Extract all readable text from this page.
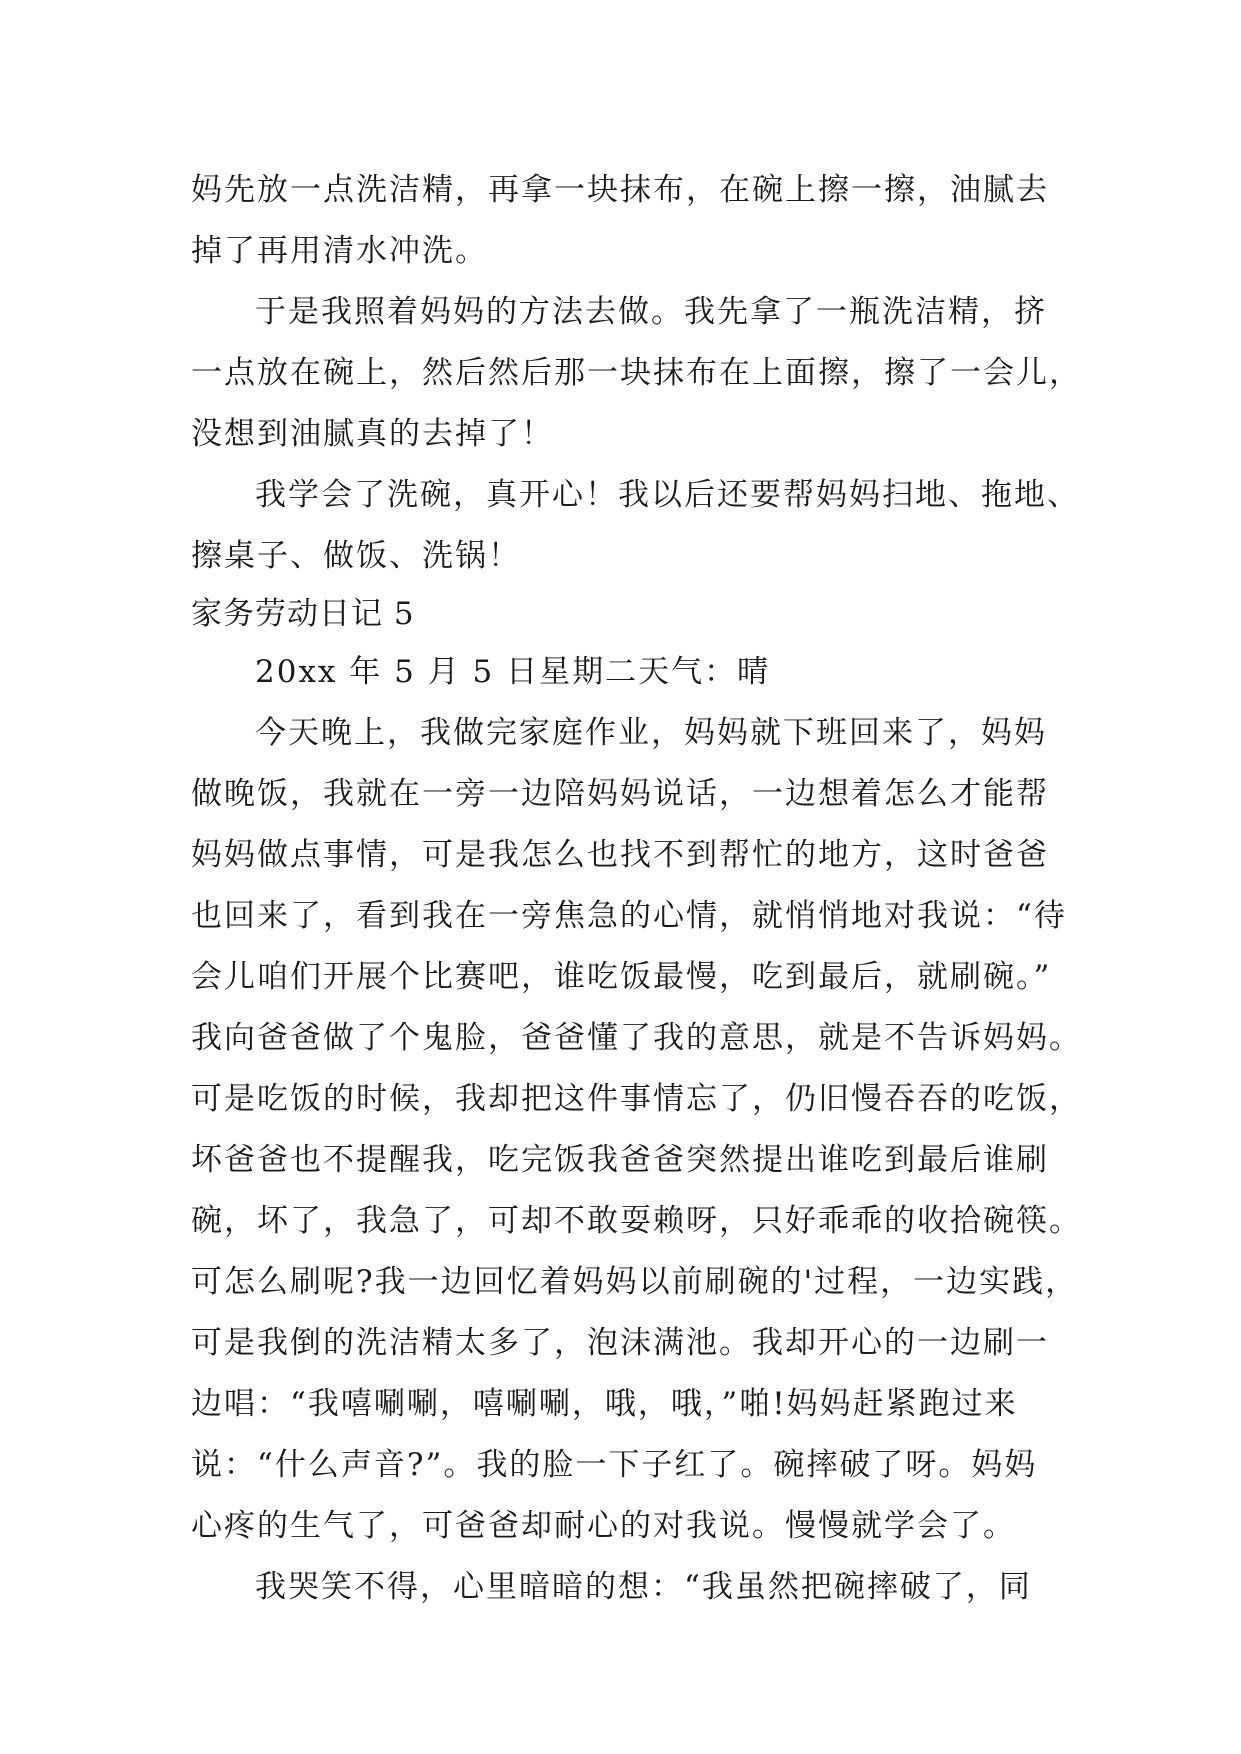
妈先放一点洗洁精，再拿一块抹布，在碗上擦一擦，油腻去
掉了再用清水冲洗。
于是我照着妈妈的方法去做。我先拿了一瓶洗洁精，挤
一点放在碗上，然后然后那一块抹布在上面擦，擦了一会儿，
没想到油腻真的去掉了！
我学会了洗碗，真开心！我以后还要帮妈妈扫地、拖地、
擦桌子、做饭、洗锅！
家务劳动日记 5
20xx 年 5 月 5 日星期二天气：晴
今天晚上，我做完家庭作业，妈妈就下班回来了，妈妈
做晚饭，我就在一旁一边陪妈妈说话，一边想着怎么才能帮
妈妈做点事情，可是我怎么也找不到帮忙的地方，这时爸爸
也回来了，看到我在一旁焦急的心情，就悄悄地对我说：“待
会儿咱们开展个比赛吧，谁吃饭最慢，吃到最后，就刷碗。”
我向爸爸做了个鬼脸，爸爸懂了我的意思，就是不告诉妈妈。
可是吃饭的时候，我却把这件事情忘了，仍旧慢吞吞的吃饭，
坏爸爸也不提醒我，吃完饭我爸爸突然提出谁吃到最后谁刷
碗，坏了，我急了，可却不敢耍赖呀，只好乖乖的收拾碗筷。
可怎么刷呢?我一边回忆着妈妈以前刷碗的'过程，一边实践，
可是我倒的洗洁精太多了，泡沫满池。我却开心的一边刷一
边唱：“我嘻唰唰，嘻唰唰，哦，哦，”啪!妈妈赶紧跑过来
说：“什么声音?”。我的脸一下子红了。碗摔破了呀。妈妈
心疼的生气了，可爸爸却耐心的对我说。慢慢就学会了。
我哭笑不得，心里暗暗的想：“我虽然把碗摔破了，同
